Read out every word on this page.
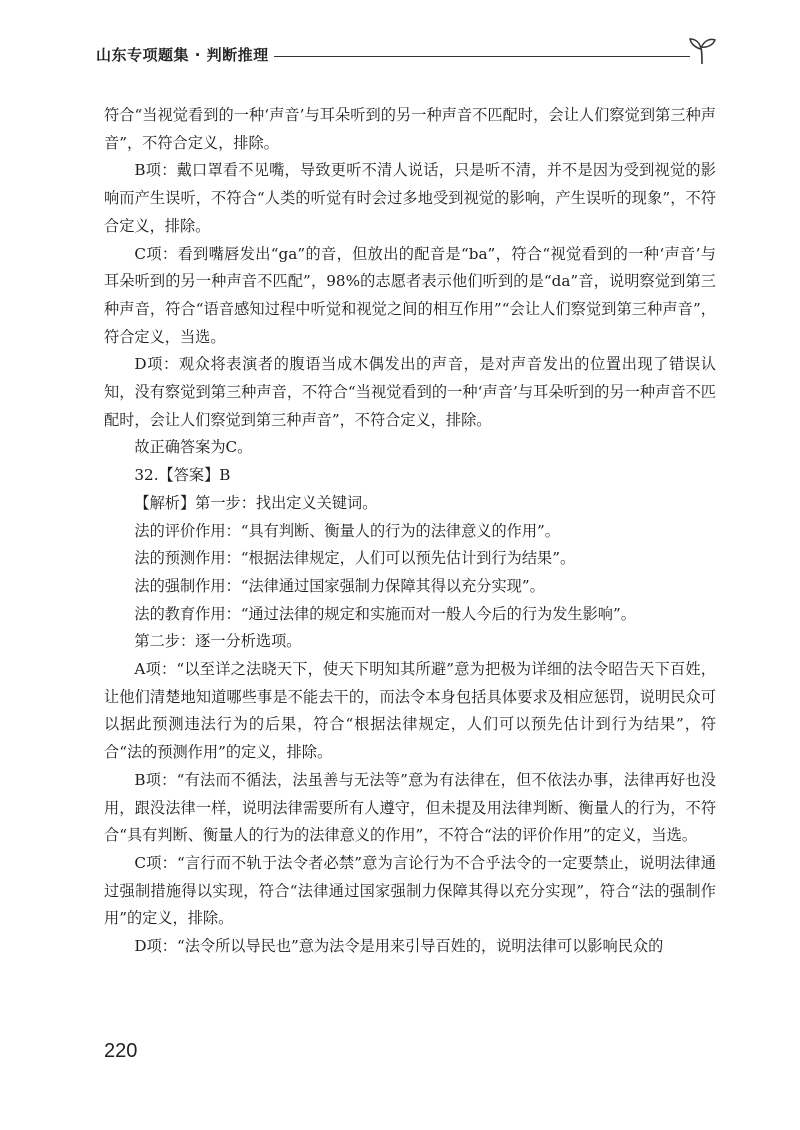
山东专项题集 · 判断推理

符合“当视觉看到的一种‘声音’与耳朵听到的另一种声音不匹配时，会让人们察觉到第三种声音”，不符合定义，排除。

B项：戴口罩看不见嘴，导致更听不清人说话，只是听不清，并不是因为受到视觉的影响而产生误听，不符合“人类的听觉有时会过多地受到视觉的影响，产生误听的现象”，不符合定义，排除。

C项：看到嘴唇发出“ga”的音，但放出的配音是“ba”，符合“视觉看到的一种‘声音’与耳朵听到的另一种声音不匹配”，98%的志愿者表示他们听到的是“da”音，说明察觉到第三种声音，符合“语音感知过程中听觉和视觉之间的相互作用”“会让人们察觉到第三种声音”，符合定义，当选。

D项：观众将表演者的腹语当成木偶发出的声音，是对声音发出的位置出现了错误认知，没有察觉到第三种声音，不符合“当视觉看到的一种‘声音’与耳朵听到的另一种声音不匹配时，会让人们察觉到第三种声音”，不符合定义，排除。

故正确答案为C。

32.【答案】B

【解析】第一步：找出定义关键词。

法的评价作用：“具有判断、衡量人的行为的法律意义的作用”。

法的预测作用：“根据法律规定，人们可以预先估计到行为结果”。

法的强制作用：“法律通过国家强制力保障其得以充分实现”。

法的教育作用：“通过法律的规定和实施而对一般人今后的行为发生影响”。

第二步：逐一分析选项。

A项：“以至详之法晓天下，使天下明知其所避”意为把极为详细的法令昭告天下百姓，让他们清楚地知道哪些事是不能去干的，而法令本身包括具体要求及相应惩罚，说明民众可以据此预测违法行为的后果，符合“根据法律规定，人们可以预先估计到行为结果”，符合“法的预测作用”的定义，排除。

B项：“有法而不循法，法虽善与无法等”意为有法律在，但不依法办事，法律再好也没用，跟没法律一样，说明法律需要所有人遵守，但未提及用法律判断、衡量人的行为，不符合“具有判断、衡量人的行为的法律意义的作用”，不符合“法的评价作用”的定义，当选。

C项：“言行而不轨于法令者必禁”意为言论行为不合乎法令的一定要禁止，说明法律通过强制措施得以实现，符合“法律通过国家强制力保障其得以充分实现”，符合“法的强制作用”的定义，排除。

D项：“法令所以导民也”意为法令是用来引导百姓的，说明法律可以影响民众的

220
